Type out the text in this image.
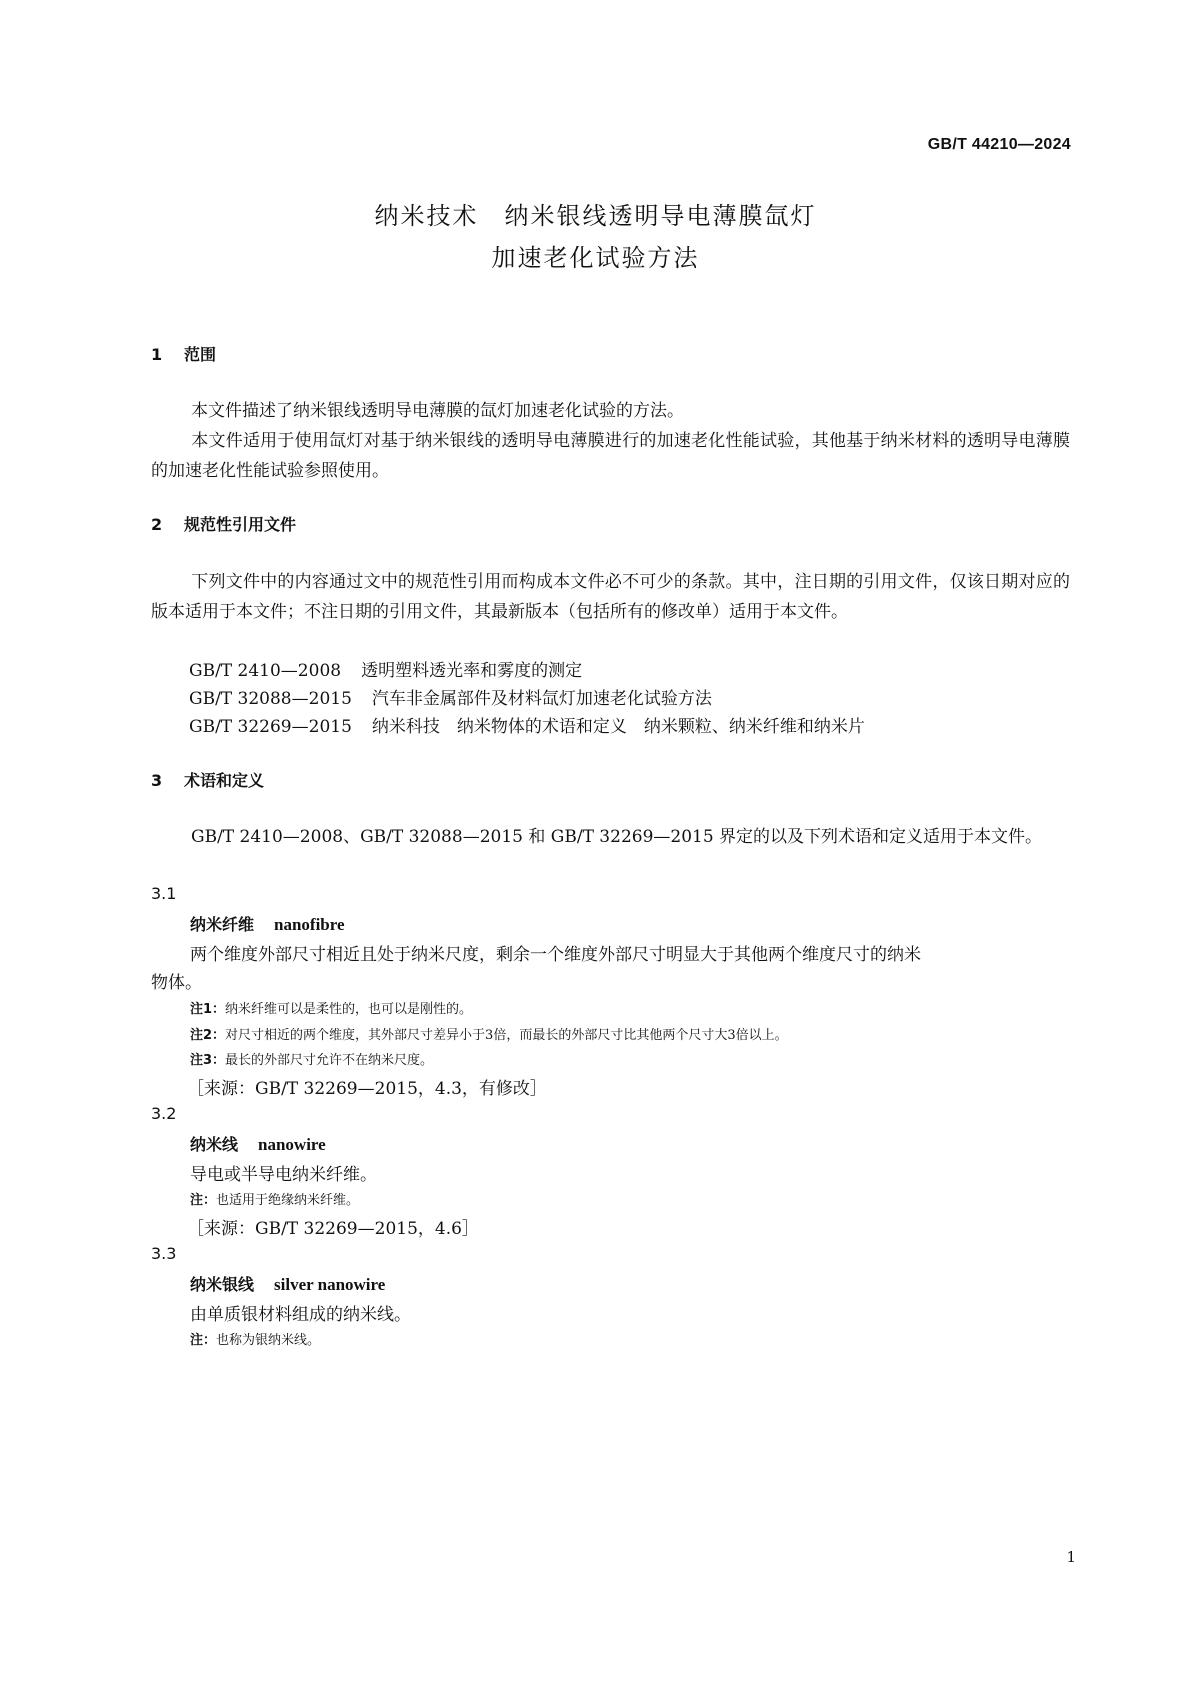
GB/T 44210—2024
纳米技术　纳米银线透明导电薄膜氙灯
加速老化试验方法
1 范围
本文件描述了纳米银线透明导电薄膜的氙灯加速老化试验的方法。
本文件适用于使用氙灯对基于纳米银线的透明导电薄膜进行的加速老化性能试验，其他基于纳米材料的透明导电薄膜的加速老化性能试验参照使用。
2 规范性引用文件
下列文件中的内容通过文中的规范性引用而构成本文件必不可少的条款。其中，注日期的引用文件，仅该日期对应的版本适用于本文件；不注日期的引用文件，其最新版本（包括所有的修改单）适用于本文件。
GB/T 2410—2008 透明塑料透光率和雾度的测定
GB/T 32088—2015 汽车非金属部件及材料氙灯加速老化试验方法
GB/T 32269—2015 纳米科技　纳米物体的术语和定义　纳米颗粒、纳米纤维和纳米片
3 术语和定义
GB/T 2410—2008、GB/T 32088—2015 和 GB/T 32269—2015 界定的以及下列术语和定义适用于本文件。
3.1
纳米纤维 nanofibre
两个维度外部尺寸相近且处于纳米尺度，剩余一个维度外部尺寸明显大于其他两个维度尺寸的纳米
物体。
注1：纳米纤维可以是柔性的，也可以是刚性的。
注2：对尺寸相近的两个维度，其外部尺寸差异小于3倍，而最长的外部尺寸比其他两个尺寸大3倍以上。
注3：最长的外部尺寸允许不在纳米尺度。
［来源：GB/T 32269—2015，4.3，有修改］
3.2
纳米线 nanowire
导电或半导电纳米纤维。
注：也适用于绝缘纳米纤维。
［来源：GB/T 32269—2015，4.6］
3.3
纳米银线 silver nanowire
由单质银材料组成的纳米线。
注：也称为银纳米线。
1
